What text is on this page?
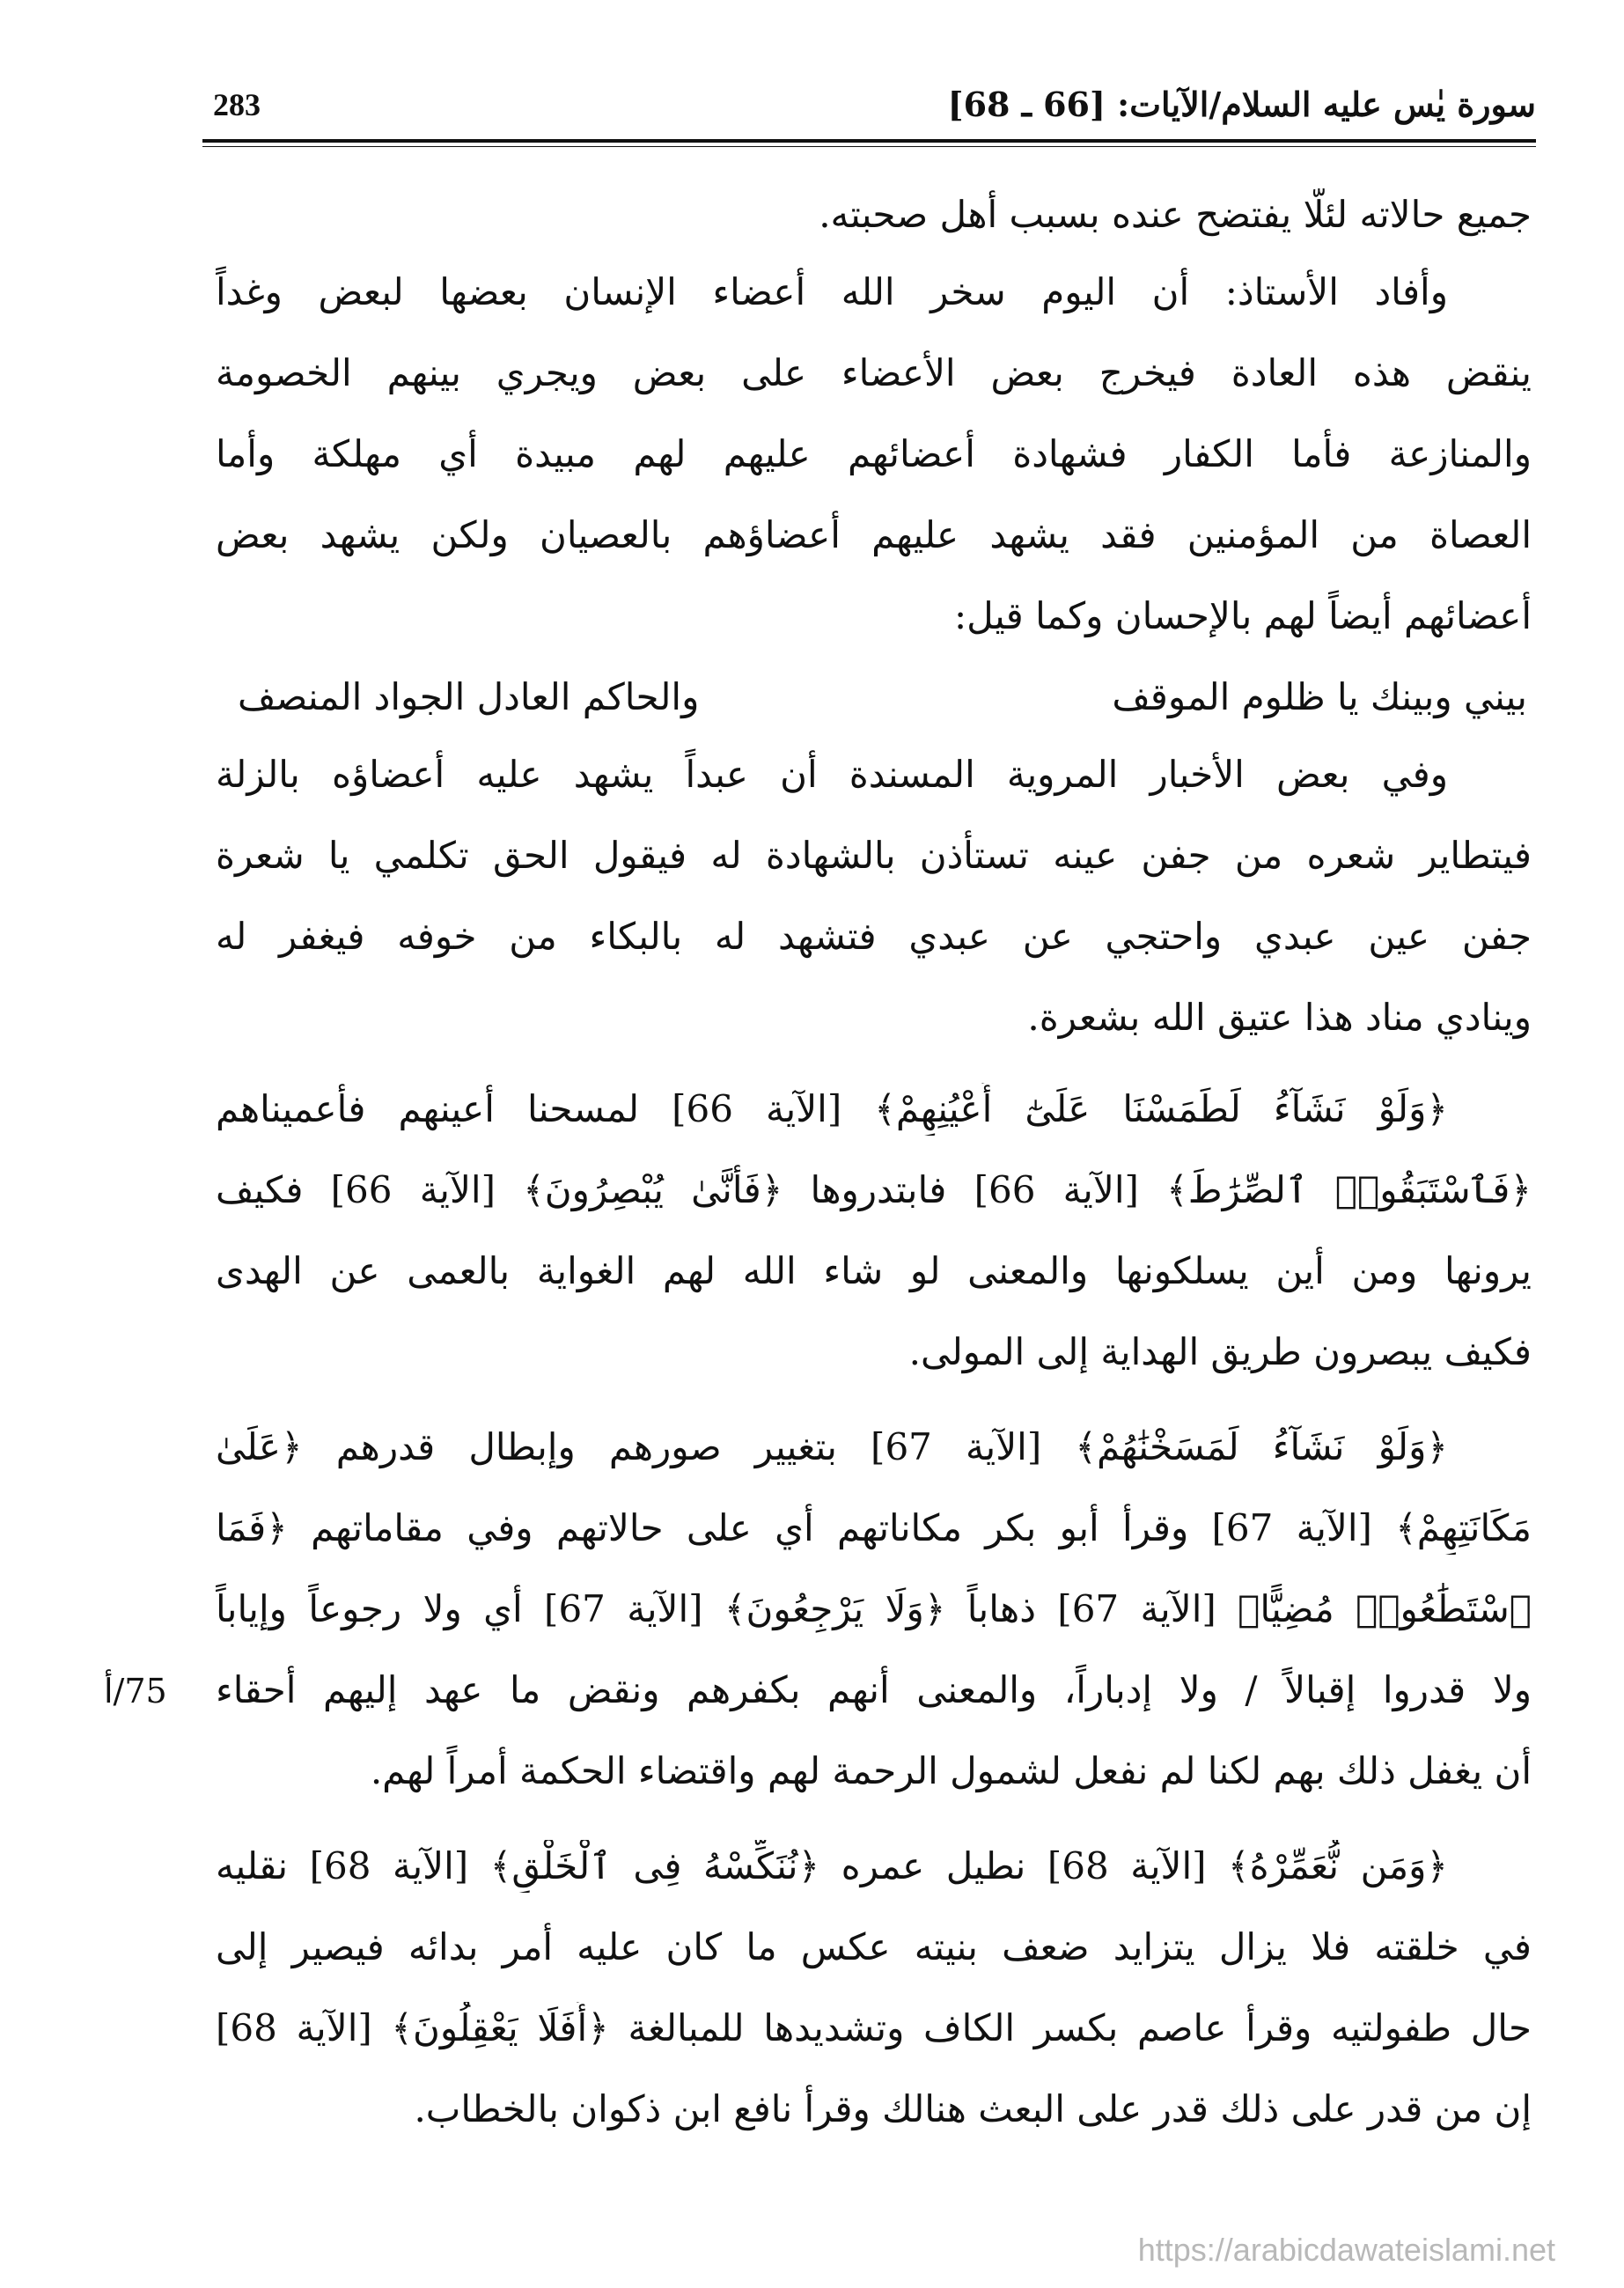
سورة يٰس عليه السلام/الآيات: [66 ـ 68]
283
جميع حالاته لئلّا يفتضح عنده بسبب أهل صحبته.
وأفاد الأستاذ: أن اليوم سخر الله أعضاء الإنسان بعضها لبعض وغداً
ينقض هذه العادة فيخرج بعض الأعضاء على بعض ويجري بينهم الخصومة
والمنازعة فأما الكفار فشهادة أعضائهم عليهم لهم مبيدة أي مهلكة وأما
العصاة من المؤمنين فقد يشهد عليهم أعضاؤهم بالعصيان ولكن يشهد بعض
أعضائهم أيضاً لهم بالإحسان وكما قيل:
بيني وبينك يا ظلوم الموقف
والحاكم العادل الجواد المنصف
وفي بعض الأخبار المروية المسندة أن عبداً يشهد عليه أعضاؤه بالزلة
فيتطاير شعره من جفن عينه تستأذن بالشهادة له فيقول الحق تكلمي يا شعرة
جفن عين عبدي واحتجي عن عبدي فتشهد له بالبكاء من خوفه فيغفر له
وينادي مناد هذا عتيق الله بشعرة.
﴿وَلَوْ نَشَآءُ لَطَمَسْنَا عَلَىٰٓ أَعْيُنِهِمْ﴾ [الآية 66] لمسحنا أعينهم فأعميناهم
﴿فَٱسْتَبَقُوا۟ ٱلصِّرَٰطَ﴾ [الآية 66] فابتدروها ﴿فَأَنَّىٰ يُبْصِرُونَ﴾ [الآية 66] فكيف
يرونها ومن أين يسلكونها والمعنى لو شاء الله لهم الغواية بالعمى عن الهدى
فكيف يبصرون طريق الهداية إلى المولى.
﴿وَلَوْ نَشَآءُ لَمَسَخْنَٰهُمْ﴾ [الآية 67] بتغيير صورهم وإبطال قدرهم ﴿عَلَىٰ
مَكَانَتِهِمْ﴾ [الآية 67] وقرأ أبو بكر مكاناتهم أي على حالاتهم وفي مقاماتهم ﴿فَمَا
ٱسْتَطَٰعُوا۟ مُضِيًّا﴾ [الآية 67] ذهاباً ﴿وَلَا يَرْجِعُونَ﴾ [الآية 67] أي ولا رجوعاً وإياباً
ولا قدروا إقبالاً / ولا إدباراً، والمعنى أنهم بكفرهم ونقض ما عهد إليهم أحقاء
أن يغفل ذلك بهم لكنا لم نفعل لشمول الرحمة لهم واقتضاء الحكمة أمراً لهم.
﴿وَمَن نُّعَمِّرْهُ﴾ [الآية 68] نطيل عمره ﴿نُنَكِّسْهُ فِى ٱلْخَلْقِ﴾ [الآية 68] نقليه
في خلقته فلا يزال يتزايد ضعف بنيته عكس ما كان عليه أمر بدائه فيصير إلى
حال طفولتيه وقرأ عاصم بكسر الكاف وتشديدها للمبالغة ﴿أَفَلَا يَعْقِلُونَ﴾ [الآية 68]
إن من قدر على ذلك قدر على البعث هنالك وقرأ نافع ابن ذكوان بالخطاب.
75/أ
https://arabicdawateislami.net
